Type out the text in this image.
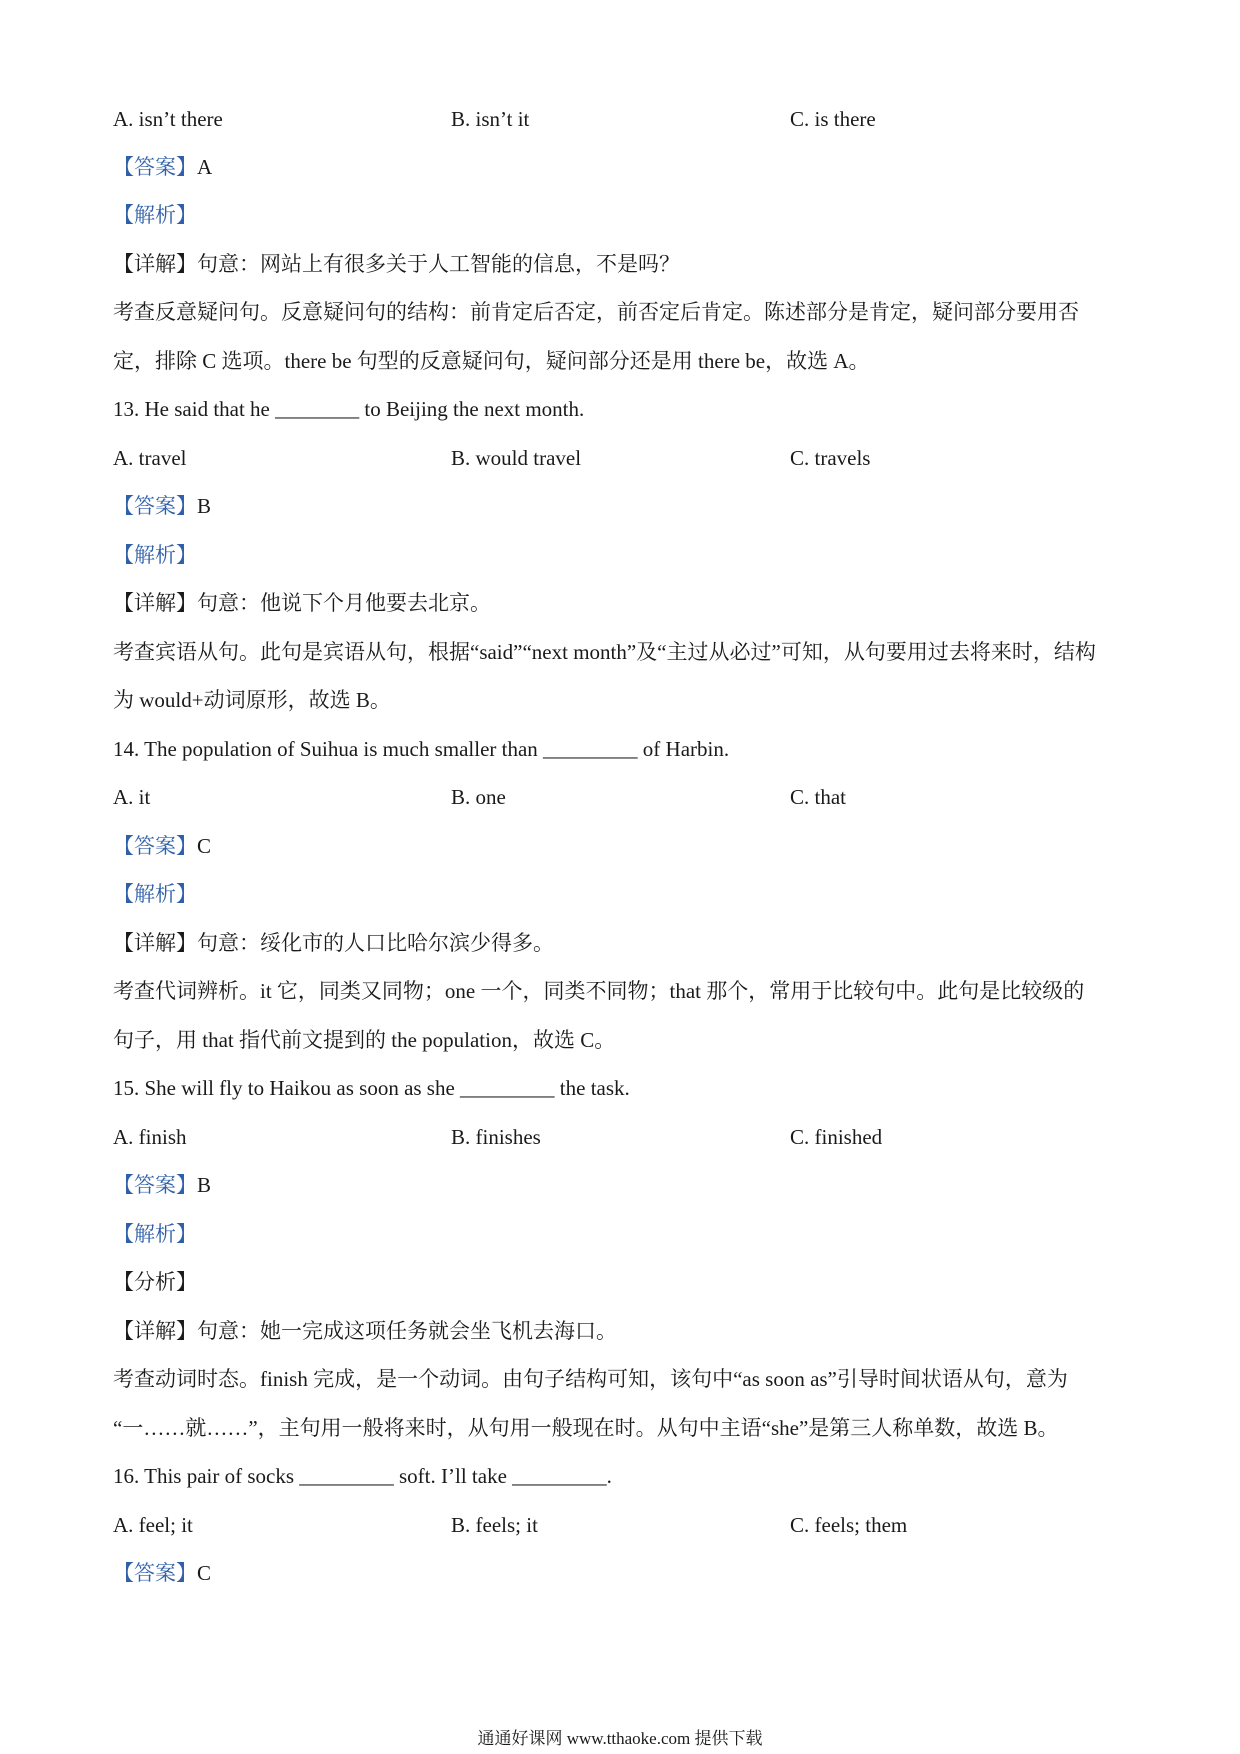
A. isn’t there	B. isn’t it	C. is there
【答案】A
【解析】
【详解】句意：网站上有很多关于人工智能的信息，不是吗？
考查反意疑问句。反意疑问句的结构：前肯定后否定，前否定后肯定。陈述部分是肯定，疑问部分要用否
定，排除 C 选项。there be 句型的反意疑问句，疑问部分还是用 there be，故选 A。
13. He said that he ________ to Beijing the next month.
A. travel	B. would travel	C. travels
【答案】B
【解析】
【详解】句意：他说下个月他要去北京。
考查宾语从句。此句是宾语从句，根据“said”“next month”及“主过从必过”可知，从句要用过去将来时，结构
为 would+动词原形，故选 B。
14. The population of Suihua is much smaller than _________ of Harbin.
A. it	B. one	C. that
【答案】C
【解析】
【详解】句意：绥化市的人口比哈尔滨少得多。
考查代词辨析。it 它，同类又同物；one 一个，同类不同物；that 那个，常用于比较句中。此句是比较级的
句子，用 that 指代前文提到的 the population，故选 C。
15. She will fly to Haikou as soon as she _________ the task.
A. finish	B. finishes	C. finished
【答案】B
【解析】
【分析】
【详解】句意：她一完成这项任务就会坐飞机去海口。
考查动词时态。finish 完成，是一个动词。由句子结构可知，该句中“as soon as”引导时间状语从句，意为
“一……就……”，主句用一般将来时，从句用一般现在时。从句中主语“she”是第三人称单数，故选 B。
16. This pair of socks _________ soft. I’ll take _________.
A. feel; it	B. feels; it	C. feels; them
【答案】C
通通好课网 www.tthaoke.com 提供下载
